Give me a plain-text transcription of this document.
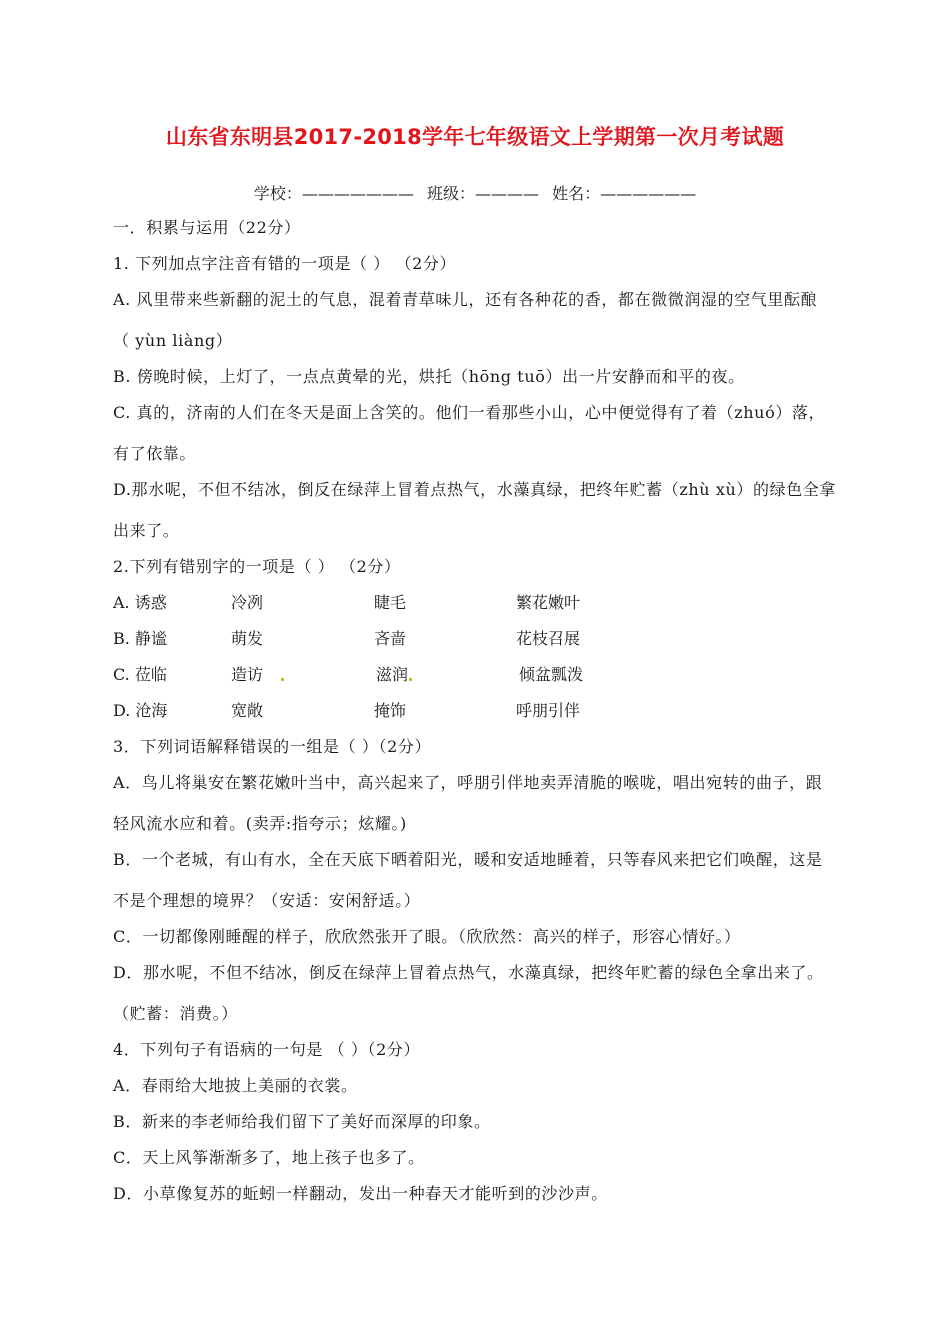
山东省东明县2017-2018学年七年级语文上学期第一次月考试题
学校：——————— 班级：———— 姓名：——————
一．积累与运用（22分）
1. 下列加点字注音有错的一项是（ ） （2分）
A. 风里带来些新翻的泥土的气息，混着青草味儿，还有各种花的香，都在微微润湿的空气里酝酿
（ yùn liàng）
B. 傍晚时候，上灯了，一点点黄晕的光，烘托（hōng tuō）出一片安静而和平的夜。
C. 真的，济南的人们在冬天是面上含笑的。他们一看那些小山，心中便觉得有了着（zhuó）落，
有了依靠。
D.那水呢，不但不结冰，倒反在绿萍上冒着点热气，水藻真绿，把终年贮蓄（zhù xù）的绿色全拿
出来了。
2.下列有错别字的一项是（ ） （2分）
A. 诱惑	冷冽	睫毛	繁花嫩叶
B. 静谧	萌发	吝啬	花枝召展
C. 莅临	造访	滋润	倾盆瓢泼
D. 沧海	宽敞	掩饰	呼朋引伴
3．下列词语解释错误的一组是（ ）（2分）
A．鸟儿将巢安在繁花嫩叶当中，高兴起来了，呼朋引伴地卖弄清脆的喉咙，唱出宛转的曲子，跟
轻风流水应和着。(卖弄:指夸示；炫耀。)
B．一个老城，有山有水，全在天底下晒着阳光，暖和安适地睡着，只等春风来把它们唤醒，这是
不是个理想的境界？（安适：安闲舒适。）
C．一切都像刚睡醒的样子，欣欣然张开了眼。（欣欣然：高兴的样子，形容心情好。）
D．那水呢，不但不结冰，倒反在绿萍上冒着点热气，水藻真绿，把终年贮蓄的绿色全拿出来了。
（贮蓄：消费。）
4．下列句子有语病的一句是 （ ）（2分）
A．春雨给大地披上美丽的衣裳。
B．新来的李老师给我们留下了美好而深厚的印象。
C．天上风筝渐渐多了，地上孩子也多了。
D．小草像复苏的蚯蚓一样翻动，发出一种春天才能听到的沙沙声。
